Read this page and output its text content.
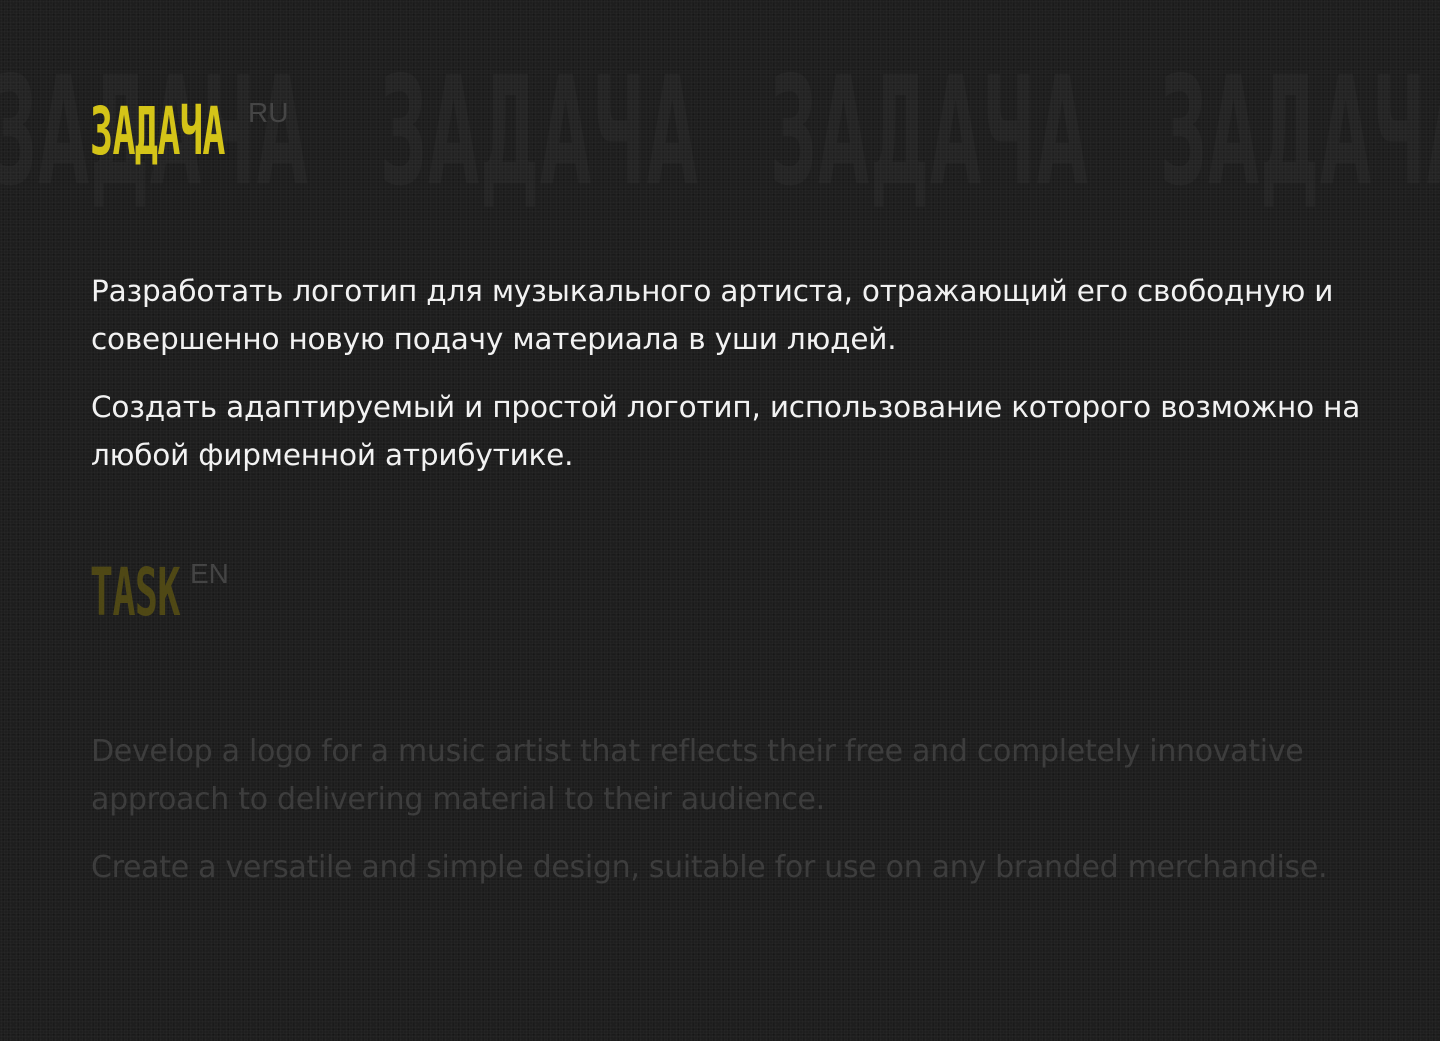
ЗАДАЧА RU

Разработать логотип для музыкального артиста, отражающий его свободную и совершенно новую подачу материала в уши людей.

Создать адаптируемый и простой логотип, использование которого возможно на любой фирменной атрибутике.

TASK EN

Develop a logo for a music artist that reflects their free and completely innovative approach to delivering material to their audience.

Create a versatile and simple design, suitable for use on any branded merchandise.
